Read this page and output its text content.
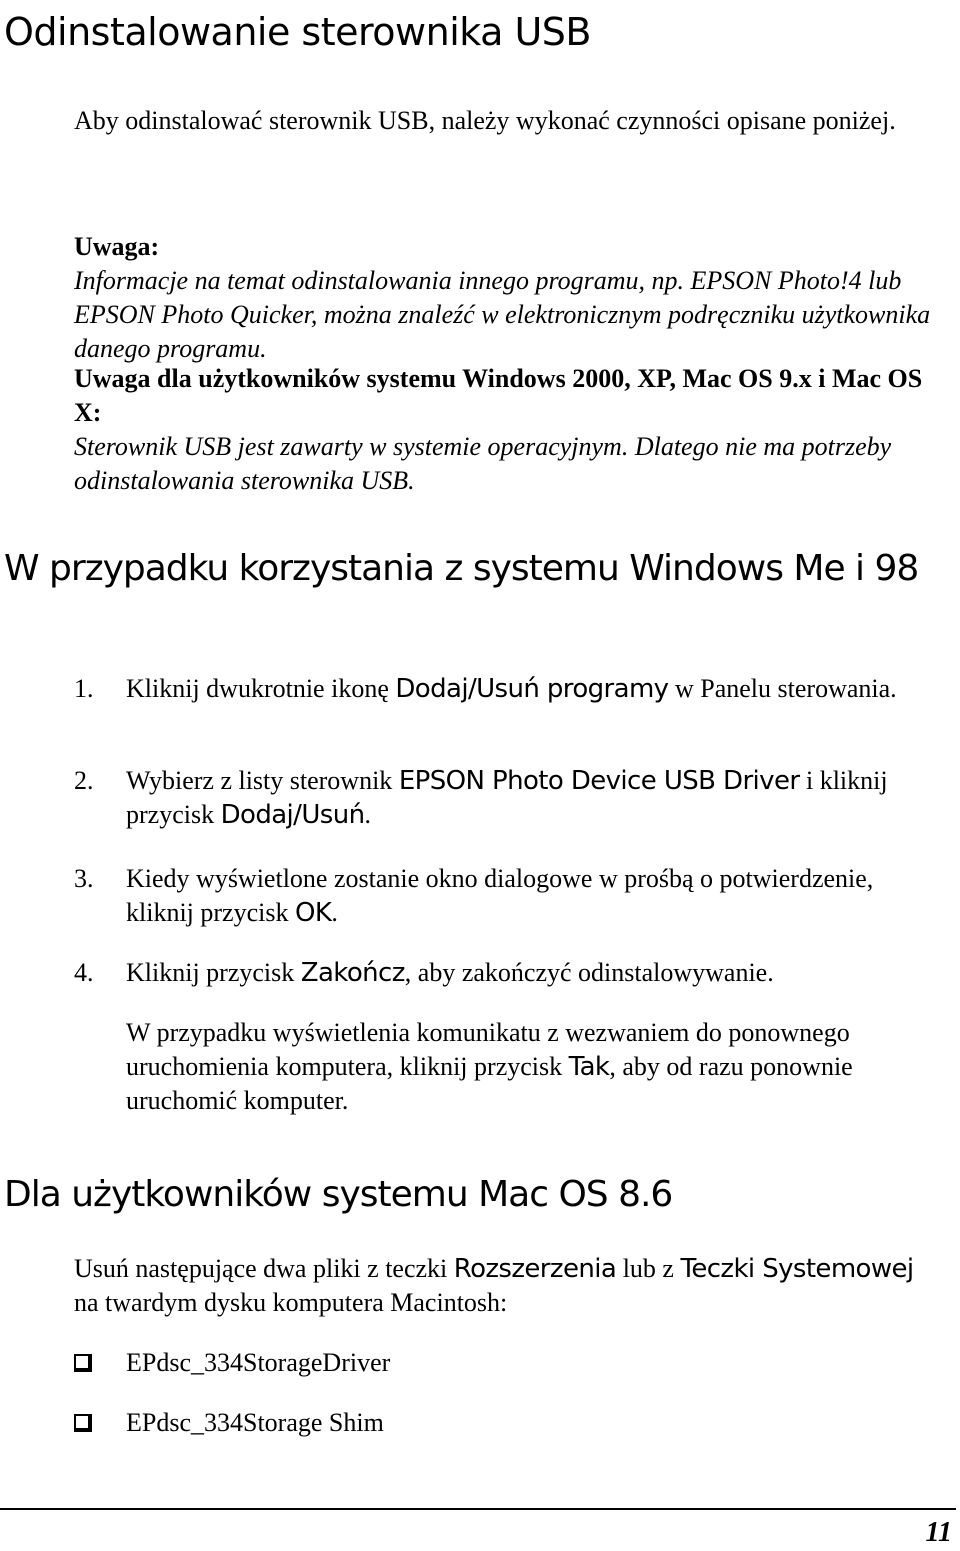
Odinstalowanie sterownika USB

Aby odinstalować sterownik USB, należy wykonać czynności opisane poniżej.

Uwaga:
Informacje na temat odinstalowania innego programu, np. EPSON Photo!4 lub EPSON Photo Quicker, można znaleźć w elektronicznym podręczniku użytkownika danego programu.
Uwaga dla użytkowników systemu Windows 2000, XP, Mac OS 9.x i Mac OS X:
Sterownik USB jest zawarty w systemie operacyjnym. Dlatego nie ma potrzeby odinstalowania sterownika USB.
W przypadku korzystania z systemu Windows Me i 98
1.	Kliknij dwukrotnie ikonę Dodaj/Usuń programy w Panelu sterowania.
2.	Wybierz z listy sterownik EPSON Photo Device USB Driver i kliknij przycisk Dodaj/Usuń.
3.	Kiedy wyświetlone zostanie okno dialogowe w prośbą o potwierdzenie, kliknij przycisk OK.
4.	Kliknij przycisk Zakończ, aby zakończyć odinstalowywanie.

W przypadku wyświetlenia komunikatu z wezwaniem do ponownego uruchomienia komputera, kliknij przycisk Tak, aby od razu ponownie uruchomić komputer.

Dla użytkowników systemu Mac OS 8.6

Usuń następujące dwa pliki z teczki Rozszerzenia lub z Teczki Systemowej na twardym dysku komputera Macintosh:

EPdsc_334StorageDriver
EPdsc_334Storage Shim
11
